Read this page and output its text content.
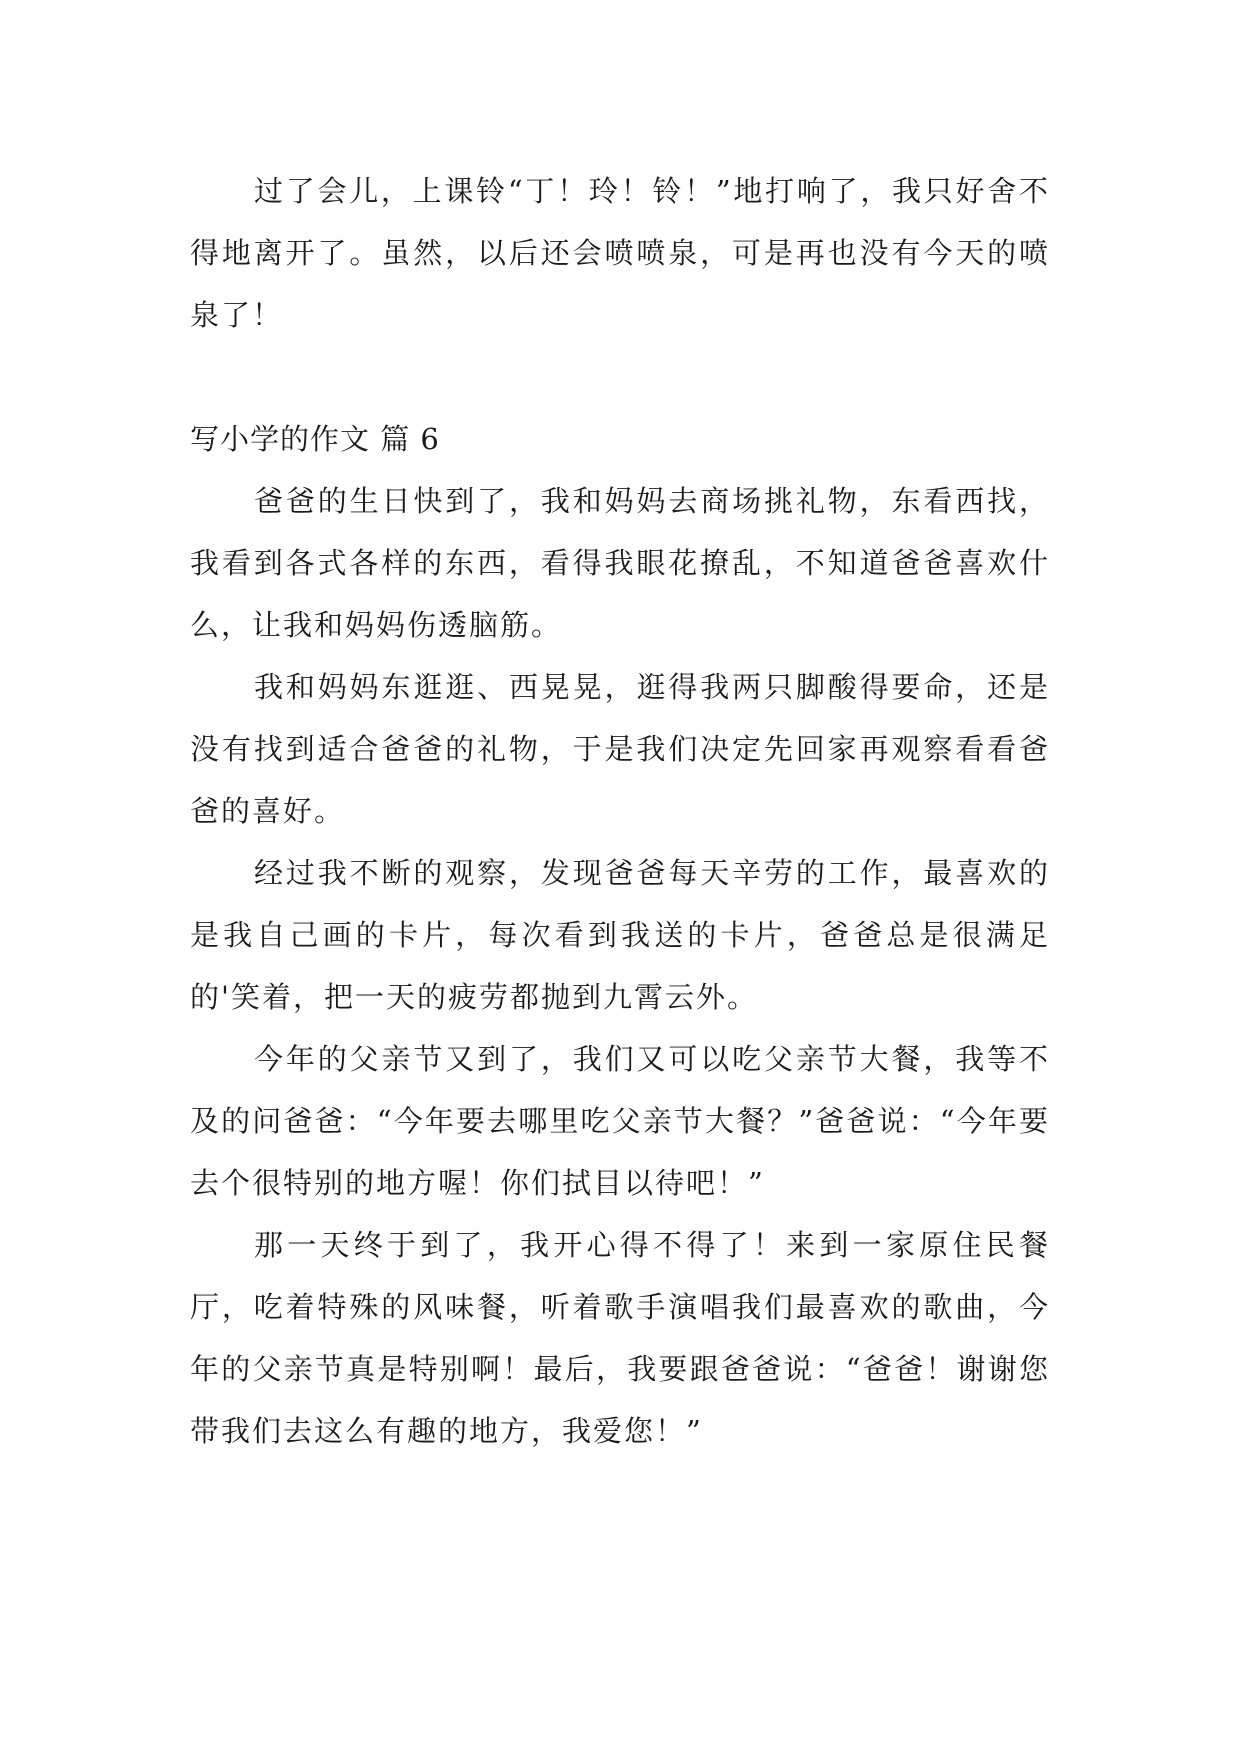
过了会儿，上课铃“丁！玲！铃！”地打响了，我只好舍不得地离开了。虽然，以后还会喷喷泉，可是再也没有今天的喷泉了！

写小学的作文 篇 6

爸爸的生日快到了，我和妈妈去商场挑礼物，东看西找，我看到各式各样的东西，看得我眼花撩乱，不知道爸爸喜欢什么，让我和妈妈伤透脑筋。

我和妈妈东逛逛、西晃晃，逛得我两只脚酸得要命，还是没有找到适合爸爸的礼物，于是我们决定先回家再观察看看爸爸的喜好。

经过我不断的观察，发现爸爸每天辛劳的工作，最喜欢的是我自己画的卡片，每次看到我送的卡片，爸爸总是很满足的'笑着，把一天的疲劳都抛到九霄云外。

今年的父亲节又到了，我们又可以吃父亲节大餐，我等不及的问爸爸：“今年要去哪里吃父亲节大餐？”爸爸说：“今年要去个很特别的地方喔！你们拭目以待吧！”

那一天终于到了，我开心得不得了！来到一家原住民餐厅，吃着特殊的风味餐，听着歌手演唱我们最喜欢的歌曲，今年的父亲节真是特别啊！最后，我要跟爸爸说：“爸爸！谢谢您带我们去这么有趣的地方，我爱您！”
